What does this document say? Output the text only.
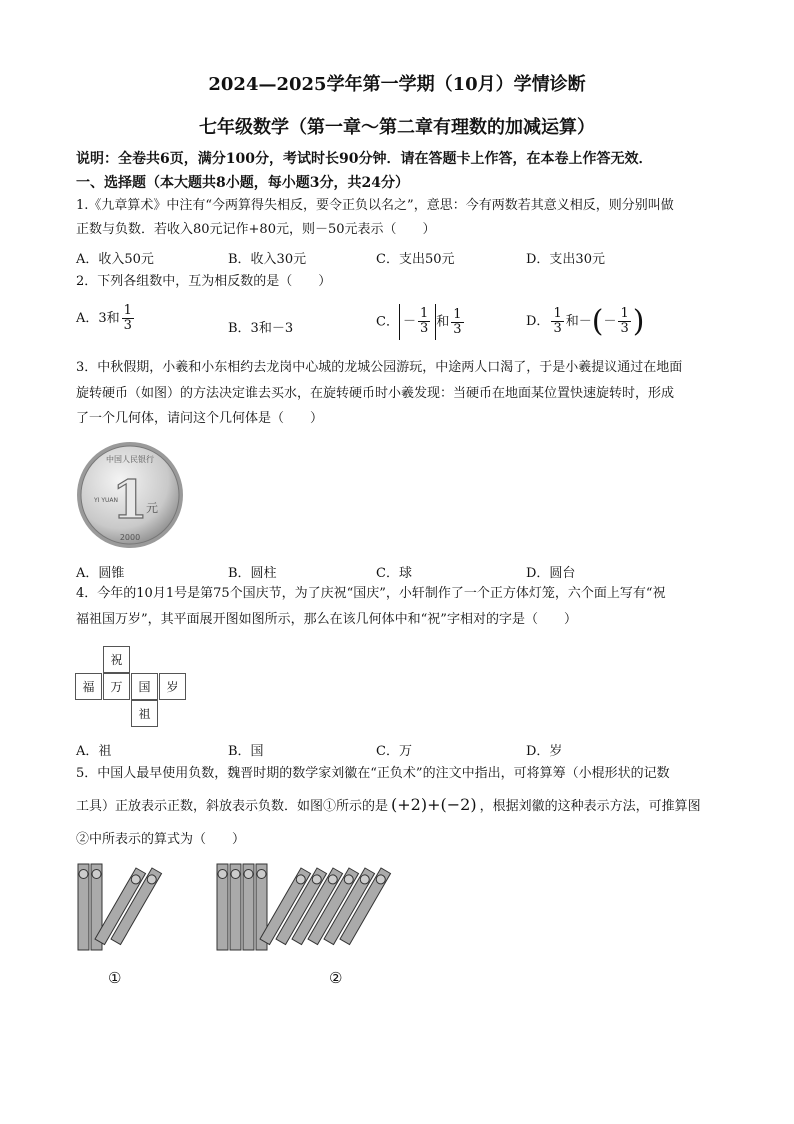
2024—2025学年第一学期（10月）学情诊断
七年级数学（第一章～第二章有理数的加减运算）
说明：全卷共6页，满分100分，考试时长90分钟．请在答题卡上作答，在本卷上作答无效．
一、选择题（本大题共8小题，每小题3分，共24分）
1.《九章算术》中注有“今两算得失相反，要令正负以名之”，意思：今有两数若其意义相反，则分别叫做
正数与负数．若收入80元记作+80元，则－50元表示（　　）
A．收入50元	B．收入30元	C．支出50元	D．支出30元
2．下列各组数中，互为相反数的是（　　）
A．3和 $\frac{1}{3}$	B．3和－3	C． － $\frac{1}{3}$ 和 $\frac{1}{3}$	D． $\frac{1}{3}$ 和－(－ $\frac{1}{3}$ )
3．中秋假期，小羲和小东相约去龙岗中心城的龙城公园游玩，中途两人口渴了，于是小羲提议通过在地面
旋转硬币（如图）的方法决定谁去买水，在旋转硬币时小羲发现：当硬币在地面某位置快速旋转时，形成
了一个几何体，请问这个几何体是（　　）
中国人民银行
1
YI YUAN
元
2000
A．圆锥	B．圆柱	C．球	D．圆台
4．今年的10月1号是第75个国庆节，为了庆祝“国庆”，小轩制作了一个正方体灯笼，六个面上写有“祝
福祖国万岁”，其平面展开图如图所示，那么在该几何体中和“祝”字相对的字是（　　）
祝
福	万	国	岁
祖
A．祖	B．国	C．万	D．岁
5．中国人最早使用负数，魏晋时期的数学家刘徽在“正负术”的注文中指出，可将算筹（小棍形状的记数
工具）正放表示正数，斜放表示负数．如图①所示的是 (+2)+(−2) ，根据刘徽的这种表示方法，可推算图
②中所表示的算式为（　　）
①	②
